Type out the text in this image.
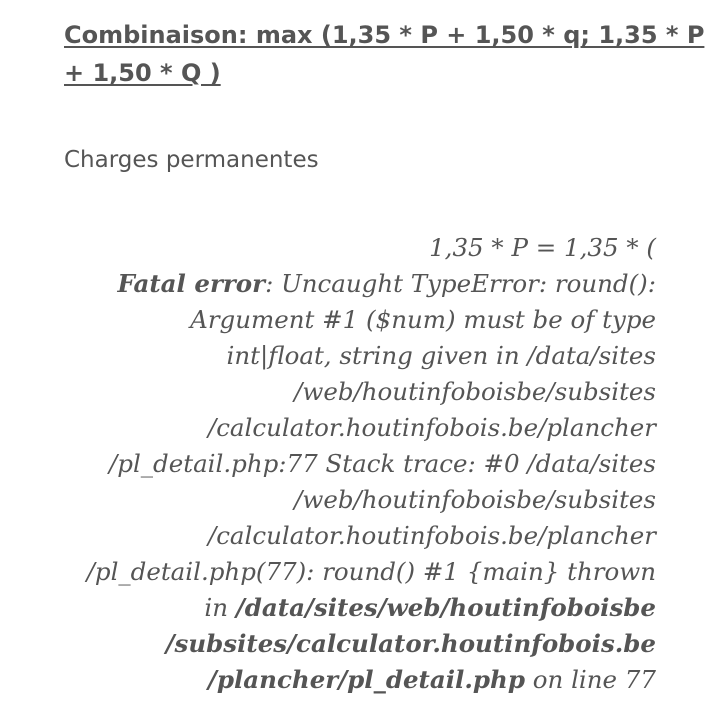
Combinaison: max (1,35 * P + 1,50 * q; 1,35 * P
+ 1,50 * Q )

Charges permanentes

1,35 * P = 1,35 * (
Fatal error: Uncaught TypeError: round():
Argument #1 ($num) must be of type
int|float, string given in /data/sites
/web/houtinfoboisbe/subsites
/calculator.houtinfobois.be/plancher
/pl_detail.php:77 Stack trace: #0 /data/sites
/web/houtinfoboisbe/subsites
/calculator.houtinfobois.be/plancher
/pl_detail.php(77): round() #1 {main} thrown
in /data/sites/web/houtinfoboisbe
/subsites/calculator.houtinfobois.be
/plancher/pl_detail.php on line 77
